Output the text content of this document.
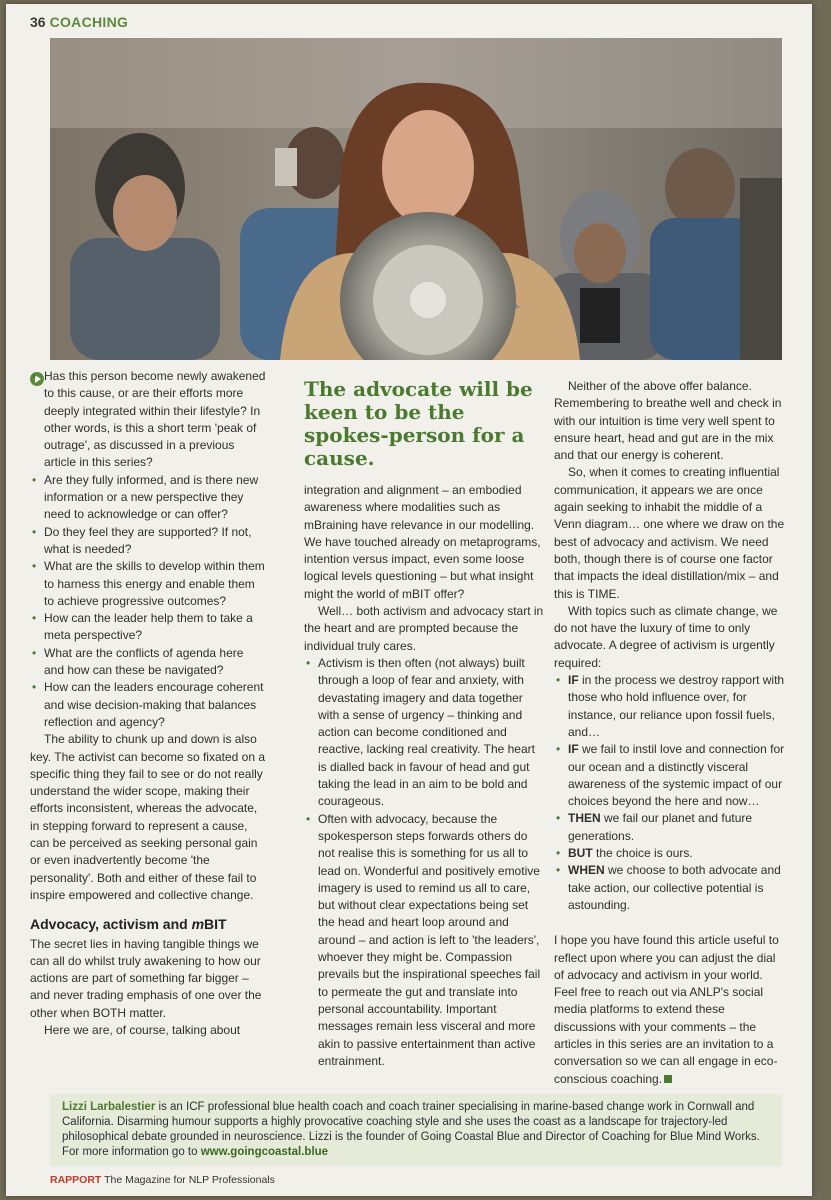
36 COACHING
• Has this person become newly awakened to this cause, or are their efforts more deeply integrated within their lifestyle? In other words, is this a short term 'peak of outrage', as discussed in a previous article in this series?
• Are they fully informed, and is there new information or a new perspective they need to acknowledge or can offer?
• Do they feel they are supported? If not, what is needed?
• What are the skills to develop within them to harness this energy and enable them to achieve progressive outcomes?
• How can the leader help them to take a meta perspective?
• What are the conflicts of agenda here and how can these be navigated?
• How can the leaders encourage coherent and wise decision-making that balances reflection and agency?

The ability to chunk up and down is also key. The activist can become so fixated on a specific thing they fail to see or do not really understand the wider scope, making their efforts inconsistent, whereas the advocate, in stepping forward to represent a cause, can be perceived as seeking personal gain or even inadvertently become 'the personality'. Both and either of these fail to inspire empowered and collective change.

Advocacy, activism and mBIT

The secret lies in having tangible things we can all do whilst truly awakening to how our actions are part of something far bigger – and never trading emphasis of one over the other when BOTH matter.

Here we are, of course, talking about

The advocate will be keen to be the spokes-person for a cause.

integration and alignment – an embodied awareness where modalities such as mBraining have relevance in our modelling. We have touched already on metaprograms, intention versus impact, even some loose logical levels questioning – but what insight might the world of mBIT offer?

Well… both activism and advocacy start in the heart and are prompted because the individual truly cares.

• Activism is then often (not always) built through a loop of fear and anxiety, with devastating imagery and data together with a sense of urgency – thinking and action can become conditioned and reactive, lacking real creativity. The heart is dialled back in favour of head and gut taking the lead in an aim to be bold and courageous.
• Often with advocacy, because the spokesperson steps forwards others do not realise this is something for us all to lead on. Wonderful and positively emotive imagery is used to remind us all to care, but without clear expectations being set the head and heart loop around and around – and action is left to 'the leaders', whoever they might be. Compassion prevails but the inspirational speeches fail to permeate the gut and translate into personal accountability. Important messages remain less visceral and more akin to passive entertainment than active entrainment.

Neither of the above offer balance. Remembering to breathe well and check in with our intuition is time very well spent to ensure heart, head and gut are in the mix and that our energy is coherent.

So, when it comes to creating influential communication, it appears we are once again seeking to inhabit the middle of a Venn diagram… one where we draw on the best of advocacy and activism. We need both, though there is of course one factor that impacts the ideal distillation/mix – and this is TIME.

With topics such as climate change, we do not have the luxury of time to only advocate. A degree of activism is urgently required:

• IF in the process we destroy rapport with those who hold influence over, for instance, our reliance upon fossil fuels, and…
• IF we fail to instil love and connection for our ocean and a distinctly visceral awareness of the systemic impact of our choices beyond the here and now…
• THEN we fail our planet and future generations.
• BUT the choice is ours.
• WHEN we choose to both advocate and take action, our collective potential is astounding.

I hope you have found this article useful to reflect upon where you can adjust the dial of advocacy and activism in your world. Feel free to reach out via ANLP's social media platforms to extend these discussions with your comments – the articles in this series are an invitation to a conversation so we can all engage in eco-conscious coaching.

Lizzi Larbalestier is an ICF professional blue health coach and coach trainer specialising in marine-based change work in Cornwall and California. Disarming humour supports a highly provocative coaching style and she uses the coast as a landscape for trajectory-led philosophical debate grounded in neuroscience. Lizzi is the founder of Going Coastal Blue and Director of Coaching for Blue Mind Works. For more information go to www.goingcoastal.blue
RAPPORT The Magazine for NLP Professionals
